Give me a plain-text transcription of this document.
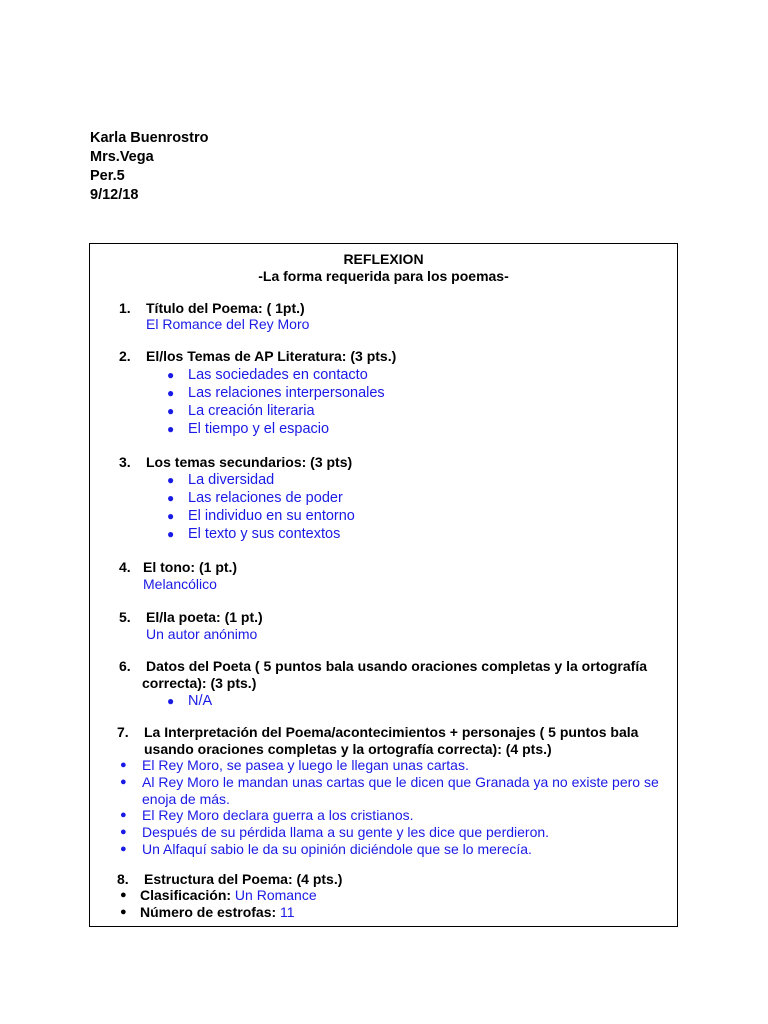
Karla Buenrostro
Mrs.Vega
Per.5
9/12/18
REFLEXION
-La forma requerida para los poemas-
1. Título del Poema: ( 1pt.)
El Romance del Rey Moro
2. El/los Temas de AP Literatura: (3 pts.)
● Las sociedades en contacto
● Las relaciones interpersonales
● La creación literaria
● El tiempo y el espacio
3. Los temas secundarios: (3 pts)
● La diversidad
● Las relaciones de poder
● El individuo en su entorno
● El texto y sus contextos
4. El tono: (1 pt.)
Melancólico
5. El/la poeta: (1 pt.)
Un autor anónimo
6. Datos del Poeta ( 5 puntos bala usando oraciones completas y la ortografía
correcta): (3 pts.)
● N/A
7. La Interpretación del Poema/acontecimientos + personajes ( 5 puntos bala
usando oraciones completas y la ortografía correcta): (4 pts.)
● El Rey Moro, se pasea y luego le llegan unas cartas.
● Al Rey Moro le mandan unas cartas que le dicen que Granada ya no existe pero se enoja de más.
● El Rey Moro declara guerra a los cristianos.
● Después de su pérdida llama a su gente y les dice que perdieron.
● Un Alfaquí sabio le da su opinión diciéndole que se lo merecía.
8. Estructura del Poema: (4 pts.)
● Clasificación: Un Romance
● Número de estrofas: 11
